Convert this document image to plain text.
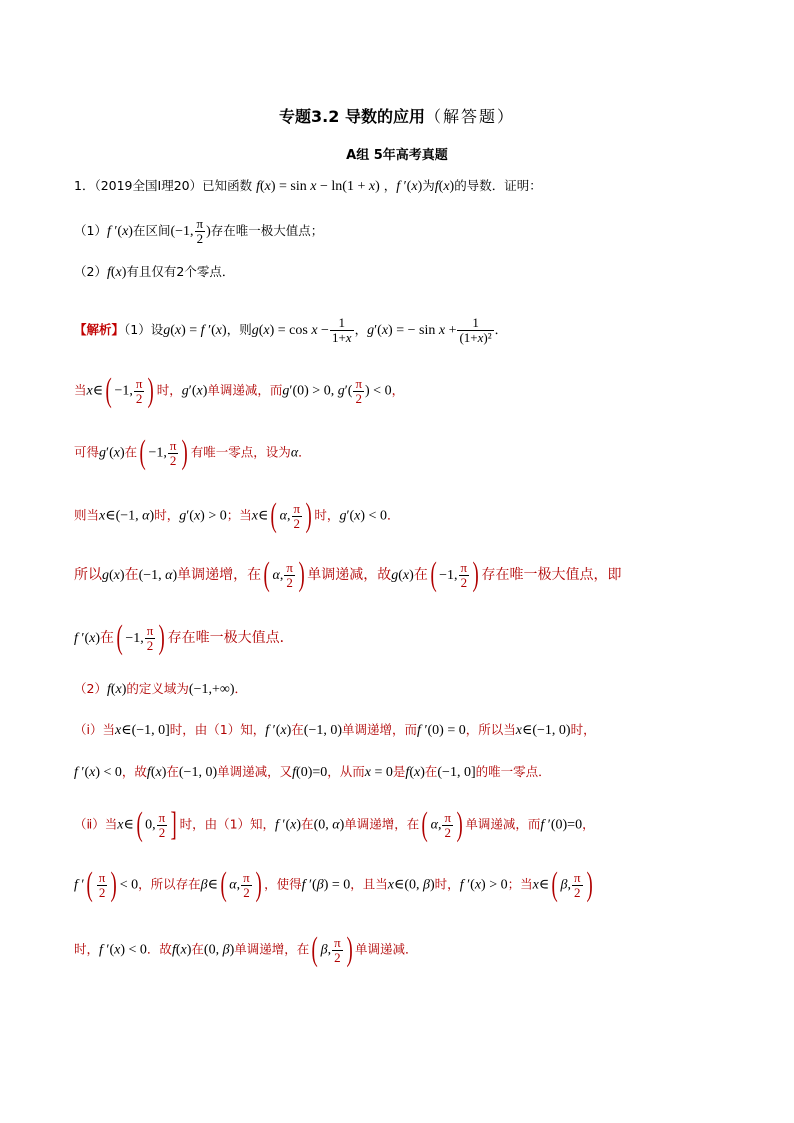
专题3.2 导数的应用（解答题）
A组 5年高考真题
1．（2019全国Ⅰ理20）已知函数 f(x) = sin x − ln(1 + x) ，f ′(x)为f(x)的导数．证明：
（1）f ′(x)在区间(−1, $\frac{\pi}{2}$ )存在唯一极大值点；
（2）f(x)有且仅有2个零点．
【解析】（1）设g(x) = f ′(x)，则$g(x) = \cos x - \frac{1}{1+x}$ ，g′(x) = − $\sin x + \frac{1}{\text{(1+x)²}}$ ．
当x∈( −1, $\frac{\pi}{2}$ ) 时，g′(x)单调递减，而g′(0) > 0, $g'( \frac{\pi}{2}$ ) < 0，
可得g′(x)在( −1, $\frac{\pi}{2}$ ) 有唯一零点，设为α．
则当x∈(−1, α)时，g′(x) > 0；当x∈( α, $\frac{\pi}{2}$ ) 时，g′(x) < 0．
所以g(x)在(−1, α)单调递增，在( α, $\frac{\pi}{2}$ ) 单调递减，故g(x)在( −1, $\frac{\pi}{2}$ ) 存在唯一极大值点，即
f ′(x)在( −1, $\frac{\pi}{2}$ ) 存在唯一极大值点．
（2）f(x)的定义域为(−1,+∞)．
（ⅰ）当x∈(−1, 0]时，由（1）知，f ′(x)在(−1, 0)单调递增，而f ′(0) = 0，所以当x∈(−1, 0)时，
f ′(x) < 0，故f(x)在(−1, 0)单调递减，又f(0)=0，从而x = 0是f(x)在(−1, 0]的唯一零点．
（ⅱ）当x∈( 0, $\frac{\pi}{2}$ ] 时，由（1）知，f ′(x)在(0, α)单调递增，在( α, $\frac{\pi}{2}$ ) 单调递减，而f ′(0)=0，
f ′( $\frac{\pi}{2}$ ) < 0，所以存在β∈( α, $\frac{\pi}{2}$ ) ，使得f ′(β) = 0，且当x∈(0, β)时，f ′(x) > 0；当x∈( β, $\frac{\pi}{2}$ )
时，f ′(x) < 0．故f(x)在(0, β)单调递增，在( β, $\frac{\pi}{2}$ ) 单调递减．
